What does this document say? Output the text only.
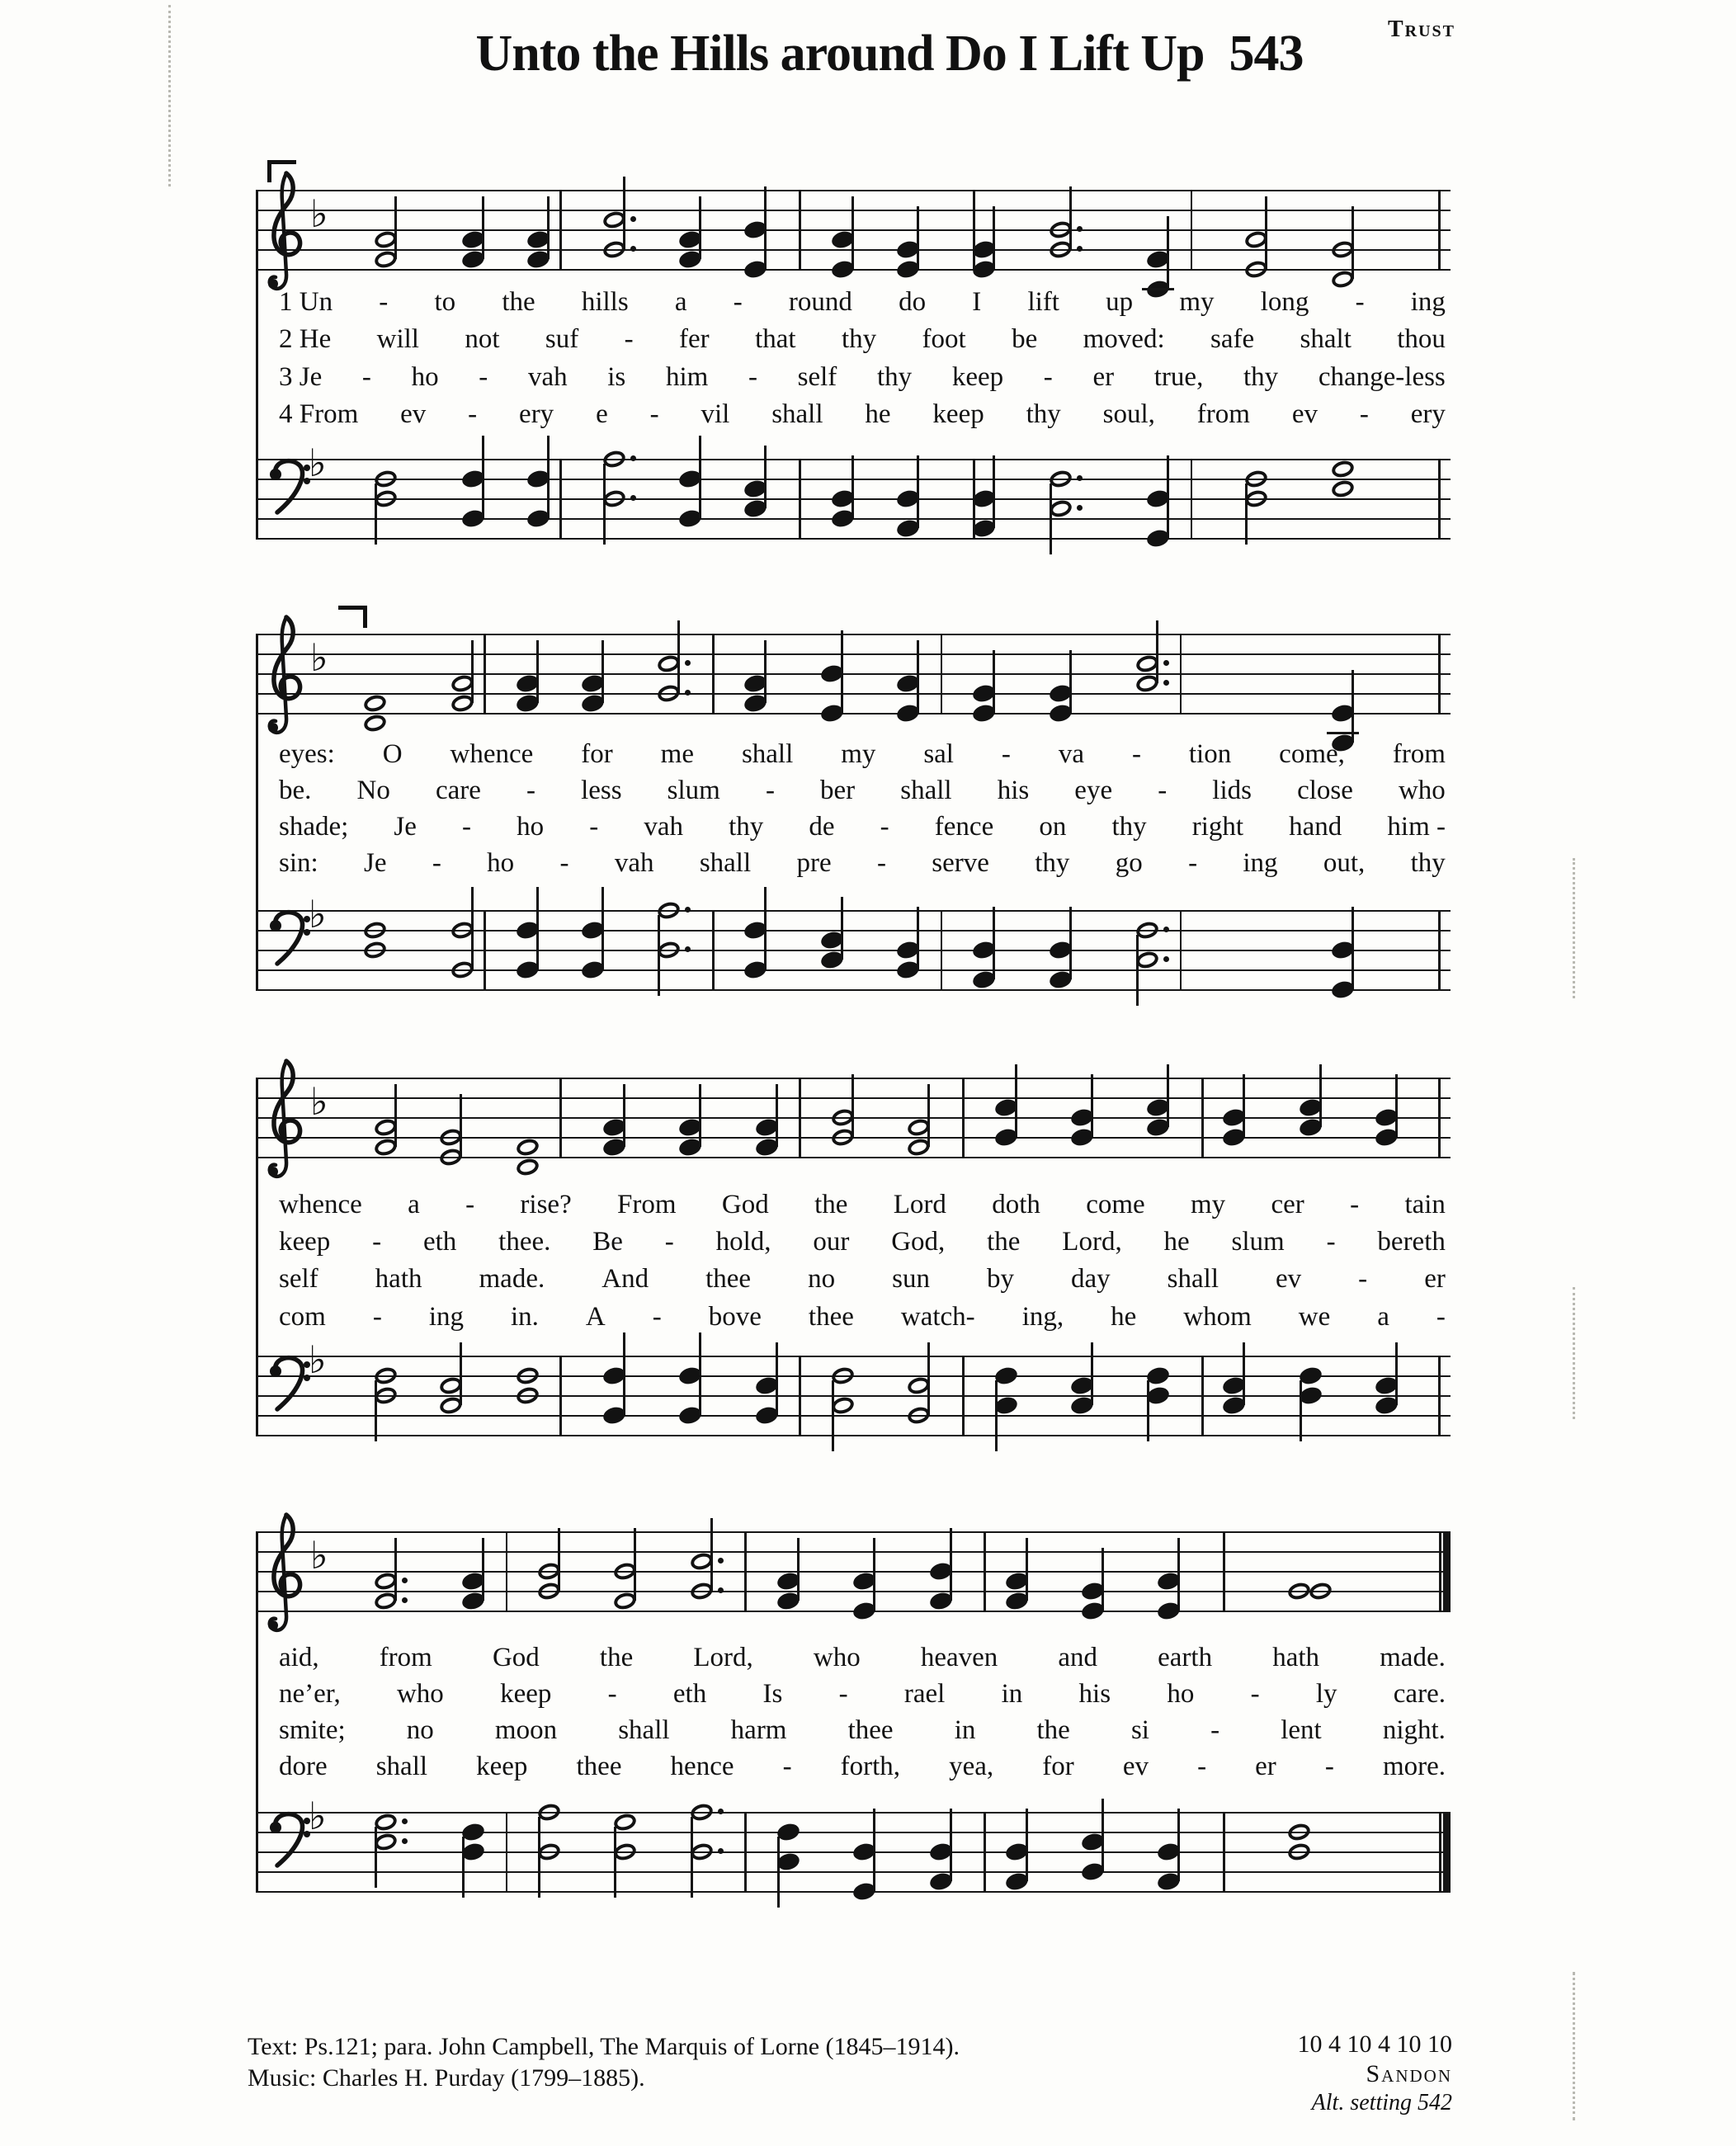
Trust
Unto the Hills around Do I Lift Up 543
♭
1 Un - to the hills a - round do I lift up my long - ing
2 He will not suf - fer that thy foot be moved: safe shalt thou
3 Je - ho - vah is him - self thy keep - er true, thy change-less
4 From ev - ery e - vil shall he keep thy soul, from ev - ery
♭
♭
eyes: O whence for me shall my sal - va - tion come, from
be. No care - less slum - ber shall his eye - lids close who
shade; Je - ho - vah thy de - fence on thy right hand him -
sin: Je - ho - vah shall pre - serve thy go - ing out, thy
♭
♭
whence a - rise? From God the Lord doth come my cer - tain
keep - eth thee. Be - hold, our God, the Lord, he slum - bereth
self hath made. And thee no sun by day shall ev - er
com - ing in. A - bove thee watch- ing, he whom we a -
♭
♭
aid, from God the Lord, who heaven and earth hath made.
ne’er, who keep - eth Is - rael in his ho - ly care.
smite; no moon shall harm thee in the si - lent night.
dore shall keep thee hence - forth, yea, for ev - er - more.
♭
Text: Ps.121; para. John Campbell, The Marquis of Lorne (1845–1914).
Music: Charles H. Purday (1799–1885).
10 4 10 4 10 10
Sandon
Alt. setting 542
